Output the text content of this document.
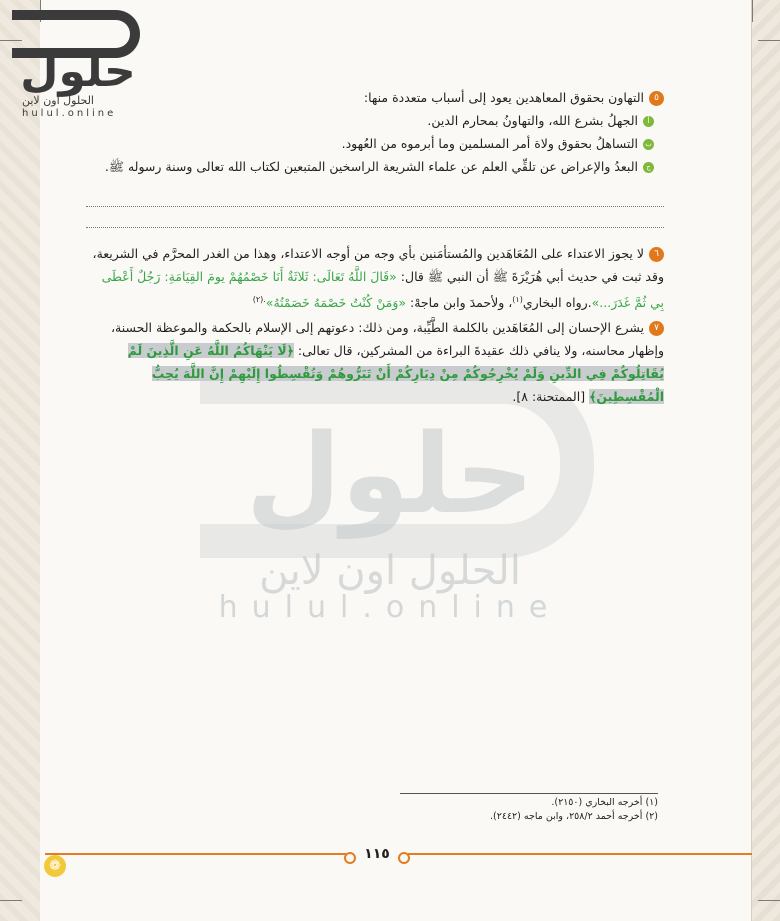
حلول
الحلول اون لاين
hulul.online
حلول
الحلول اون لاين
hulul.online

٥التهاون بحقوق المعاهدين يعود إلى أسباب متعددة منها:

أالجهلُ بشرع الله، والتهاونُ بمحارم الدين.

بالتساهلُ بحقوق ولاة أمر المسلمين وما أبرموه من العُهود.

جالبعدُ والإعراض عن تلقِّي العلم عن علماء الشريعة الراسخين المتبعين لكتاب الله تعالى وسنة رسوله ﷺ.

٦لا يجوز الاعتداء على المُعَاهَدين والمُستأمَنين بأي وجه من أوجه الاعتداء، وهذا من الغدر المحرَّم في الشريعة، وقد ثبت في حديث أبي هُرَيْرَةَ ﷺ أن النبي ﷺ قال: «قَالَ اللَّهُ تَعَالَى: ثَلاثَةٌ أَنَا خَصْمُهُمْ يومَ القِيَامَةِ: رَجُلٌ أَعْطَى بِي ثُمَّ غَدَرَ...».رواه البخاري$^{(١)}$، ولأحمدَ وابن ماجهْ: «وَمَنْ كُنْتُ خَصْمَهُ خَصَمْتُهُ»$^{.(٢)}$

٧يشرع الإحسان إلى المُعَاهَدين بالكلمة الطَّيِّبة، ومن ذلك: دعوتهم إلى الإسلام بالحكمة والموعظة الحسنة، وإظهار محاسنه، ولا ينافي ذلك عقيدةَ البراءة من المشركين، قال تعالى: ﴿لَا يَنْهَاكُمُ اللَّهُ عَنِ الَّذِينَ لَمْ يُقَاتِلُوكُمْ فِي الدِّينِ وَلَمْ يُخْرِجُوكُمْ مِنْ دِيَارِكُمْ أَنْ تَبَرُّوهُمْ وَتُقْسِطُوا إِلَيْهِمْ إِنَّ اللَّهَ يُحِبُّ الْمُقْسِطِينَ﴾ [الممتحنة: ٨].

(١) أخرجه البخاري (٢١٥٠).
(٢) أخرجه أحمد ٢٥٨/٢، وابن ماجه (٢٤٤٢).
١١٥
❁
